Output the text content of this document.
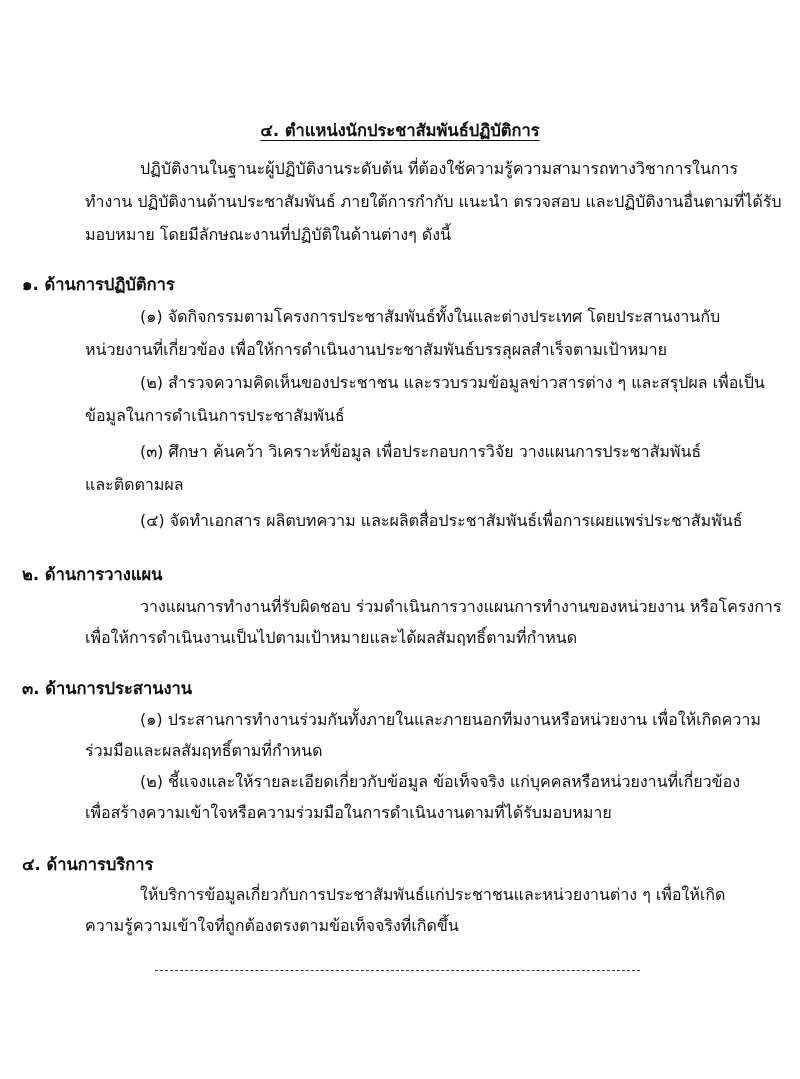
๔. ตำแหน่งนักประชาสัมพันธ์ปฏิบัติการ
ปฏิบัติงานในฐานะผู้ปฏิบัติงานระดับต้น ที่ต้องใช้ความรู้ความสามารถทางวิชาการในการ
ทำงาน ปฏิบัติงานด้านประชาสัมพันธ์ ภายใต้การกำกับ แนะนำ ตรวจสอบ และปฏิบัติงานอื่นตามที่ได้รับ
มอบหมาย โดยมีลักษณะงานที่ปฏิบัติในด้านต่างๆ ดังนี้
๑. ด้านการปฏิบัติการ
(๑) จัดกิจกรรมตามโครงการประชาสัมพันธ์ทั้งในและต่างประเทศ โดยประสานงานกับ
หน่วยงานที่เกี่ยวข้อง เพื่อให้การดำเนินงานประชาสัมพันธ์บรรลุผลสำเร็จตามเป้าหมาย
(๒) สำรวจความคิดเห็นของประชาชน และรวบรวมข้อมูลข่าวสารต่าง ๆ และสรุปผล เพื่อเป็น
ข้อมูลในการดำเนินการประชาสัมพันธ์
(๓) ศึกษา ค้นคว้า วิเคราะห์ข้อมูล เพื่อประกอบการวิจัย วางแผนการประชาสัมพันธ์
และติดตามผล
(๔) จัดทำเอกสาร ผลิตบทความ และผลิตสื่อประชาสัมพันธ์เพื่อการเผยแพร่ประชาสัมพันธ์
๒. ด้านการวางแผน
วางแผนการทำงานที่รับผิดชอบ ร่วมดำเนินการวางแผนการทำงานของหน่วยงาน หรือโครงการ
เพื่อให้การดำเนินงานเป็นไปตามเป้าหมายและได้ผลสัมฤทธิ์ตามที่กำหนด
๓. ด้านการประสานงาน
(๑) ประสานการทำงานร่วมกันทั้งภายในและภายนอกทีมงานหรือหน่วยงาน เพื่อให้เกิดความ
ร่วมมือและผลสัมฤทธิ์ตามที่กำหนด
(๒) ชี้แจงและให้รายละเอียดเกี่ยวกับข้อมูล ข้อเท็จจริง แก่บุคคลหรือหน่วยงานที่เกี่ยวข้อง
เพื่อสร้างความเข้าใจหรือความร่วมมือในการดำเนินงานตามที่ได้รับมอบหมาย
๔. ด้านการบริการ
ให้บริการข้อมูลเกี่ยวกับการประชาสัมพันธ์แก่ประชาชนและหน่วยงานต่าง ๆ เพื่อให้เกิด
ความรู้ความเข้าใจที่ถูกต้องตรงตามข้อเท็จจริงที่เกิดขึ้น
